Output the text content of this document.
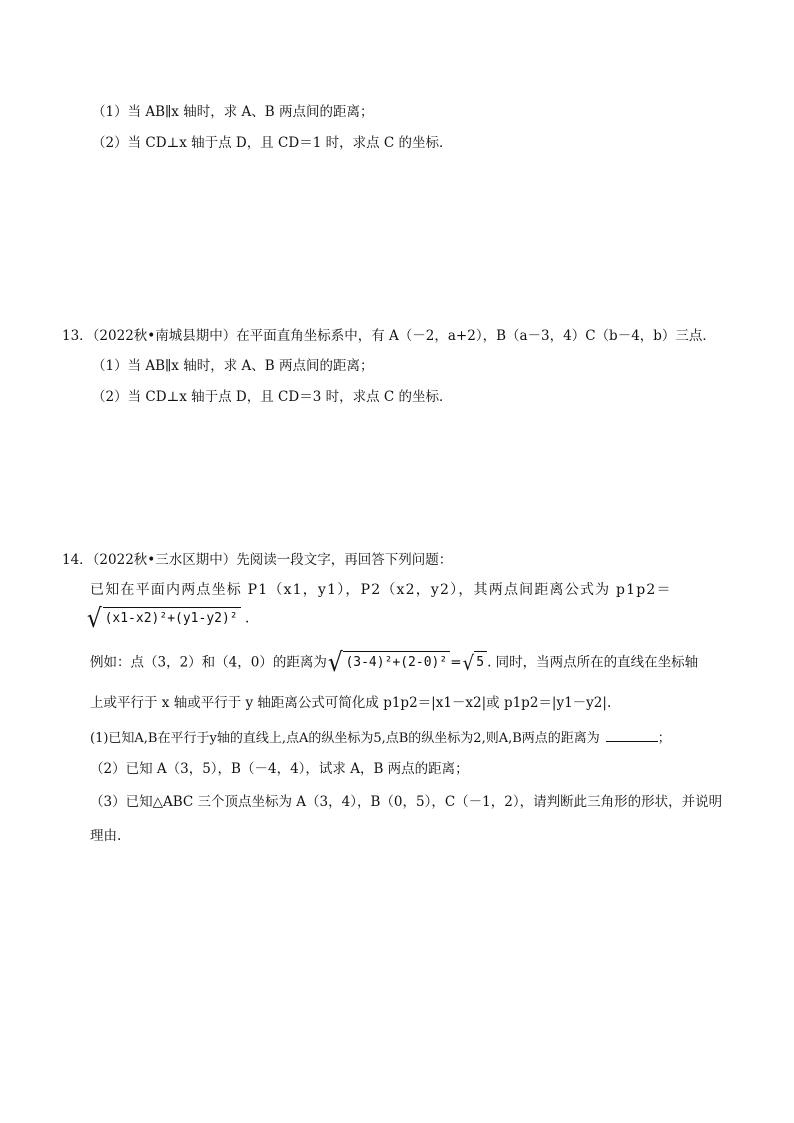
（1）当 AB∥x 轴时，求 A、B 两点间的距离；
（2）当 CD⊥x 轴于点 D，且 CD＝1 时，求点 C 的坐标．
13．（2022秋•南城县期中）在平面直角坐标系中，有 A（－2，a+2），B（a－3，4）C（b－4，b）三点．
（1）当 AB∥x 轴时，求 A、B 两点间的距离；
（2）当 CD⊥x 轴于点 D，且 CD＝3 时，求点 C 的坐标．
14．（2022秋•三水区期中）先阅读一段文字，再回答下列问题：
已知在平面内两点坐标 P1（x1，y1），P2（x2，y2），其两点间距离公式为 p1p2＝
√ (x1-x2)²+(y1-y2)² .
例如：点（3，2）和（4，0）的距离为 √ (3-4)²+(2-0)² = √ 5 . 同时，当两点所在的直线在坐标轴
上或平行于 x 轴或平行于 y 轴距离公式可简化成 p1p2＝|x1－x2|或 p1p2＝|y1－y2|.
(1)已知A,B在平行于y轴的直线上,点A的纵坐标为5,点B的纵坐标为2,则A,B两点的距离为	；
（2）已知 A（3，5），B（－4，4），试求 A，B 两点的距离；
（3）已知△ABC 三个顶点坐标为 A（3，4），B（0，5），C（－1，2），请判断此三角形的形状，并说明
理由.
